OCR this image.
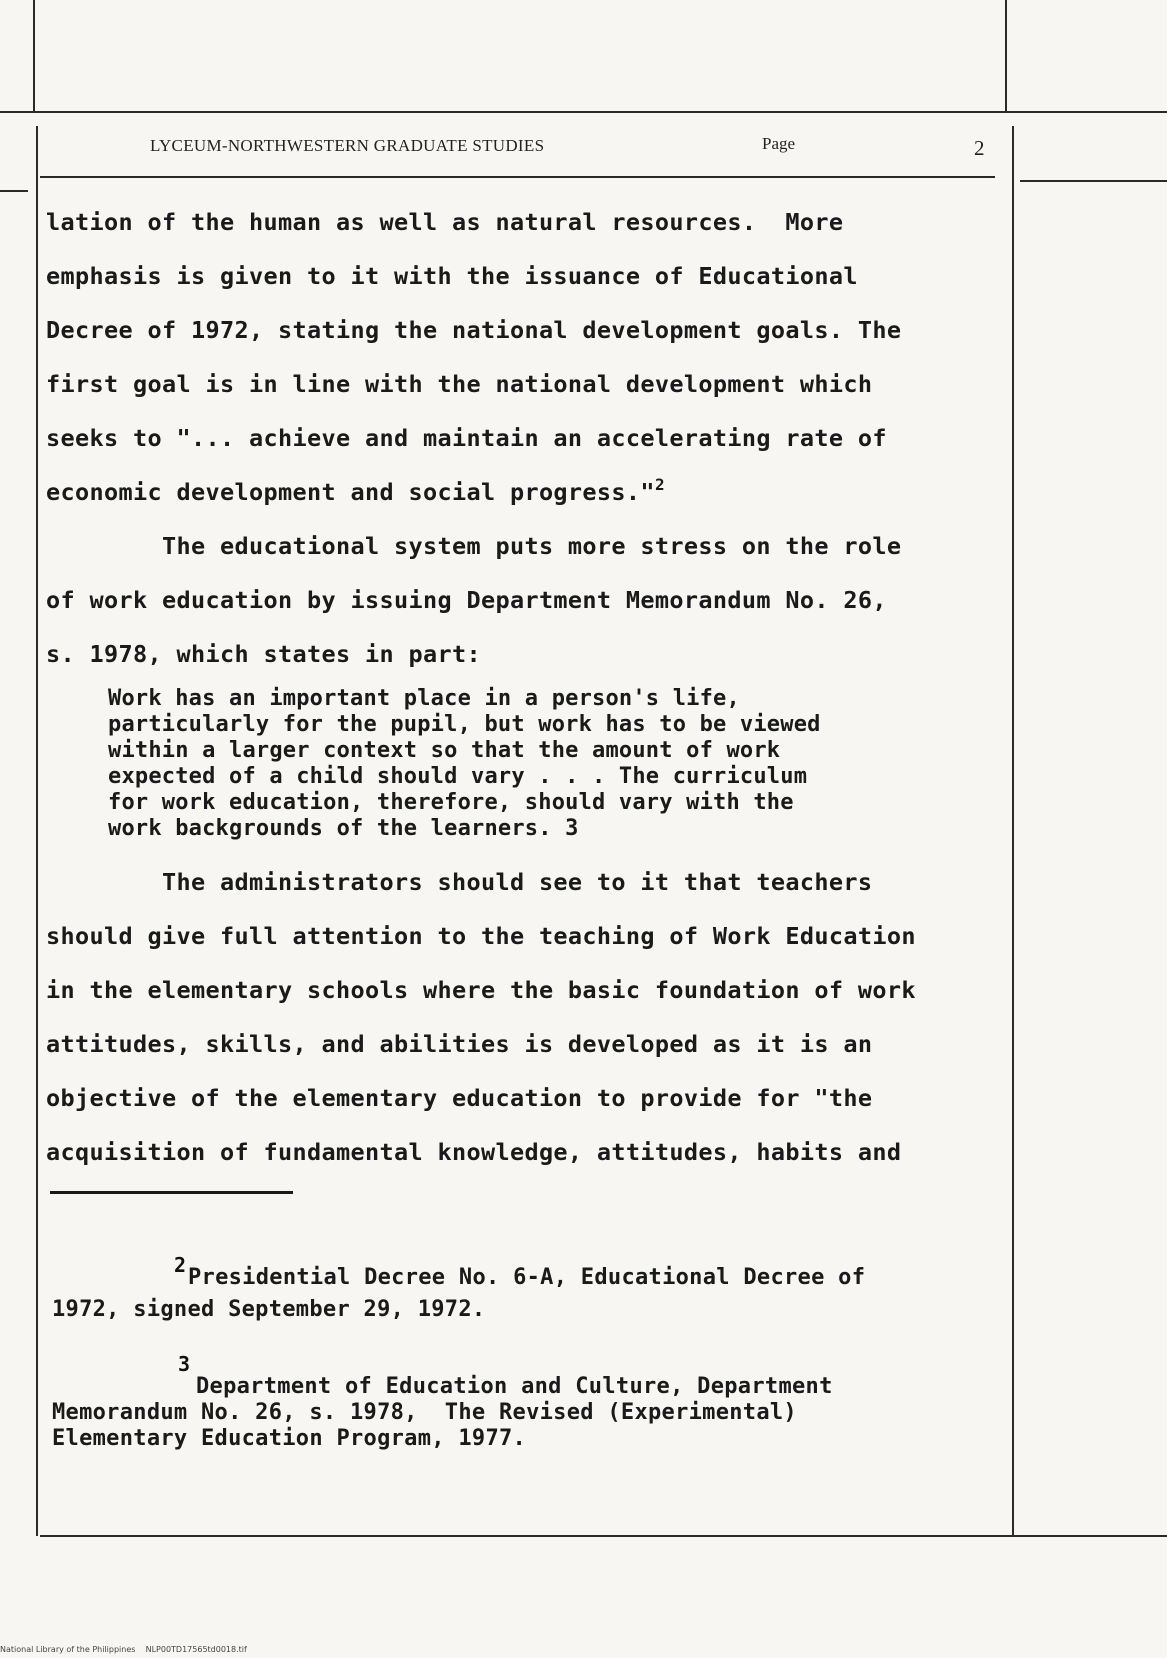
LYCEUM-NORTHWESTERN GRADUATE STUDIES	Page	2
lation of the human as well as natural resources.  More
emphasis is given to it with the issuance of Educational
Decree of 1972, stating the national development goals. The
first goal is in line with the national development which
seeks to "... achieve and maintain an accelerating rate of
economic development and social progress."$^2$
The educational system puts more stress on the role
of work education by issuing Department Memorandum No. 26,
s. 1978, which states in part:
Work has an important place in a person's life,
particularly for the pupil, but work has to be viewed
within a larger context so that the amount of work
expected of a child should vary . . . The curriculum
for work education, therefore, should vary with the
work backgrounds of the learners. 3
The administrators should see to it that teachers
should give full attention to the teaching of Work Education
in the elementary schools where the basic foundation of work
attitudes, skills, and abilities is developed as it is an
objective of the elementary education to provide for "the
acquisition of fundamental knowledge, attitudes, habits and
2 Presidential Decree No. 6-A, Educational Decree of
1972, signed September 29, 1972.
3
Department of Education and Culture, Department
Memorandum No. 26, s. 1978,  The Revised (Experimental)
Elementary Education Program, 1977.
National Library of the Philippines    NLP00TD17565td0018.tif
